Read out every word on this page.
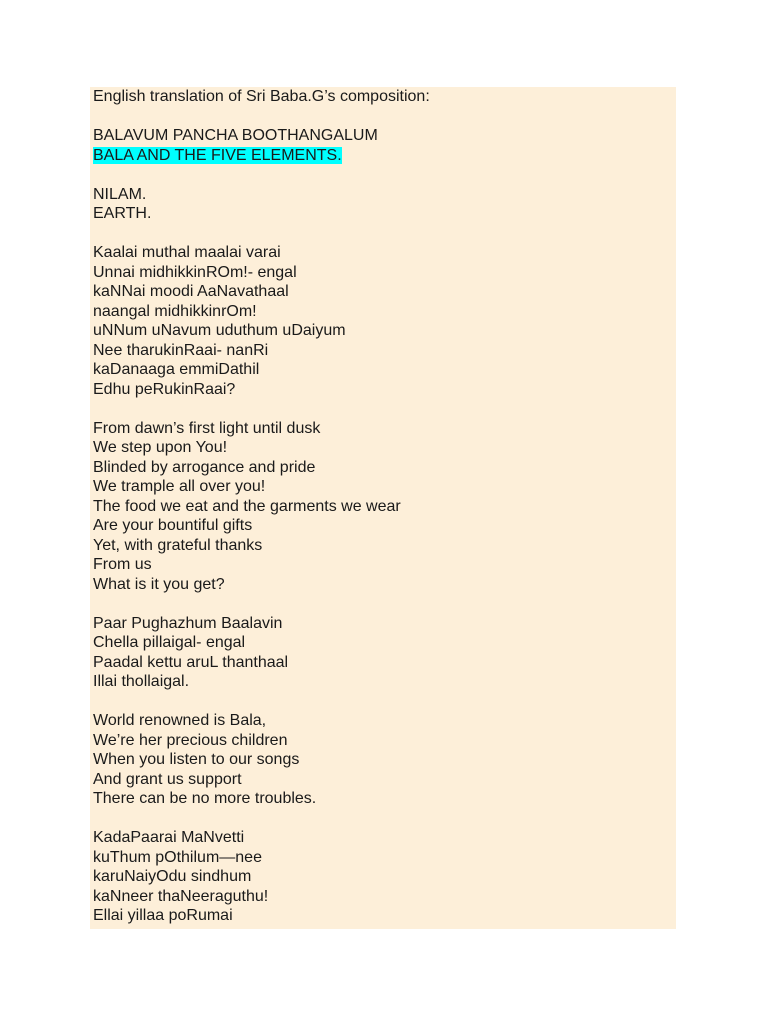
English translation of Sri Baba.G’s composition:
BALAVUM PANCHA BOOTHANGALUM
BALA AND THE FIVE ELEMENTS.
NILAM.
EARTH.
Kaalai muthal maalai varai
Unnai midhikkinROm!- engal
kaNNai moodi AaNavathaal
naangal midhikkinrOm!
uNNum uNavum uduthum uDaiyum
Nee tharukinRaai- nanRi
kaDanaaga emmiDathil
Edhu peRukinRaai?
From dawn’s first light until dusk
We step upon You!
Blinded by arrogance and pride
We trample all over you!
The food we eat and the garments we wear
Are your bountiful gifts
Yet, with grateful thanks
From us
What is it you get?
Paar Pughazhum Baalavin
Chella pillaigal- engal
Paadal kettu aruL thanthaal
Illai thollaigal.
World renowned is Bala,
We’re her precious children
When you listen to our songs
And grant us support
There can be no more troubles.
KadaPaarai MaNvetti
kuThum pOthilum—nee
karuNaiyOdu sindhum
kaNneer thaNeeraguthu!
Ellai yillaa poRumai
